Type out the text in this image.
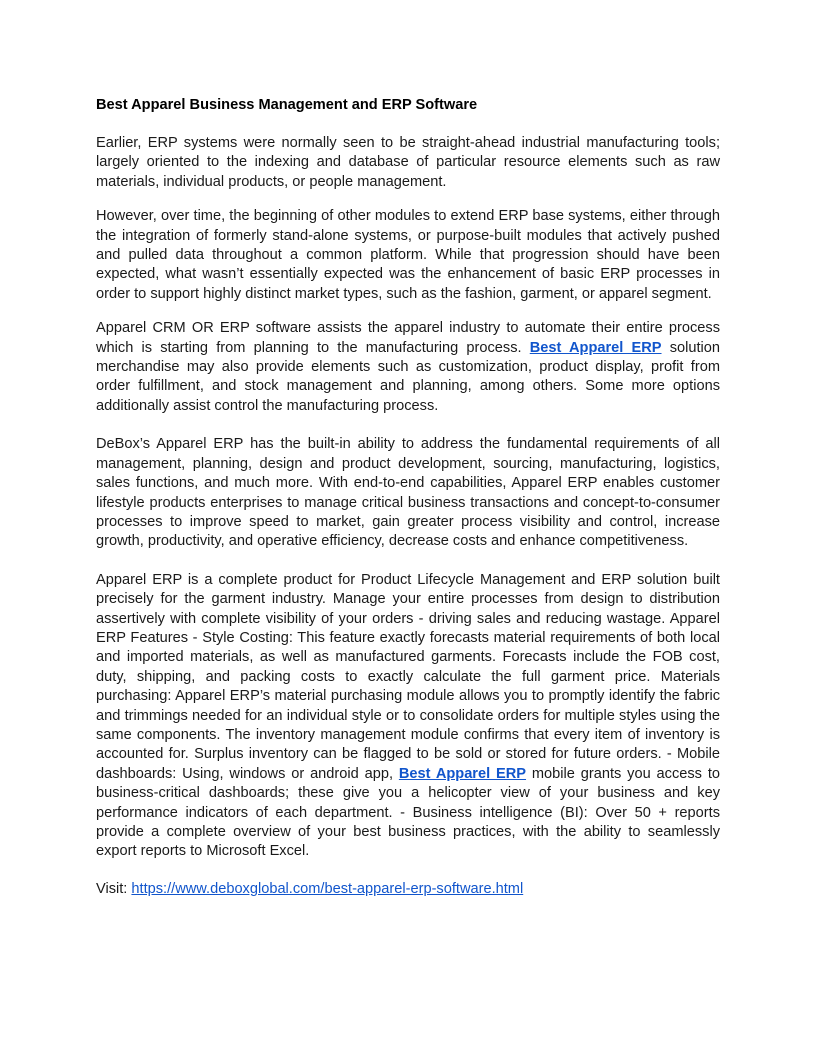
Best Apparel Business Management and ERP Software

Earlier, ERP systems were normally seen to be straight-ahead industrial manufacturing tools; largely oriented to the indexing and database of particular resource elements such as raw materials, individual products, or people management.

However, over time, the beginning of other modules to extend ERP base systems, either through the integration of formerly stand-alone systems, or purpose-built modules that actively pushed and pulled data throughout a common platform. While that progression should have been expected, what wasn’t essentially expected was the enhancement of basic ERP processes in order to support highly distinct market types, such as the fashion, garment, or apparel segment.

Apparel CRM OR ERP software assists the apparel industry to automate their entire process which is starting from planning to the manufacturing process. Best Apparel ERP solution merchandise may also provide elements such as customization, product display, profit from order fulfillment, and stock management and planning, among others. Some more options additionally assist control the manufacturing process.

DeBox’s Apparel ERP has the built-in ability to address the fundamental requirements of all management, planning, design and product development, sourcing, manufacturing, logistics, sales functions, and much more. With end-to-end capabilities, Apparel ERP enables customer lifestyle products enterprises to manage critical business transactions and concept-to-consumer processes to improve speed to market, gain greater process visibility and control, increase growth, productivity, and operative efficiency, decrease costs and enhance competitiveness.

Apparel ERP is a complete product for Product Lifecycle Management and ERP solution built precisely for the garment industry. Manage your entire processes from design to distribution assertively with complete visibility of your orders - driving sales and reducing wastage. Apparel ERP Features - Style Costing: This feature exactly forecasts material requirements of both local and imported materials, as well as manufactured garments. Forecasts include the FOB cost, duty, shipping, and packing costs to exactly calculate the full garment price. Materials purchasing: Apparel ERP’s material purchasing module allows you to promptly identify the fabric and trimmings needed for an individual style or to consolidate orders for multiple styles using the same components. The inventory management module confirms that every item of inventory is accounted for. Surplus inventory can be flagged to be sold or stored for future orders. - Mobile dashboards: Using, windows or android app, Best Apparel ERP mobile grants you access to business-critical dashboards; these give you a helicopter view of your business and key performance indicators of each department. - Business intelligence (BI): Over 50 + reports provide a complete overview of your best business practices, with the ability to seamlessly export reports to Microsoft Excel.

Visit: https://www.deboxglobal.com/best-apparel-erp-software.html
